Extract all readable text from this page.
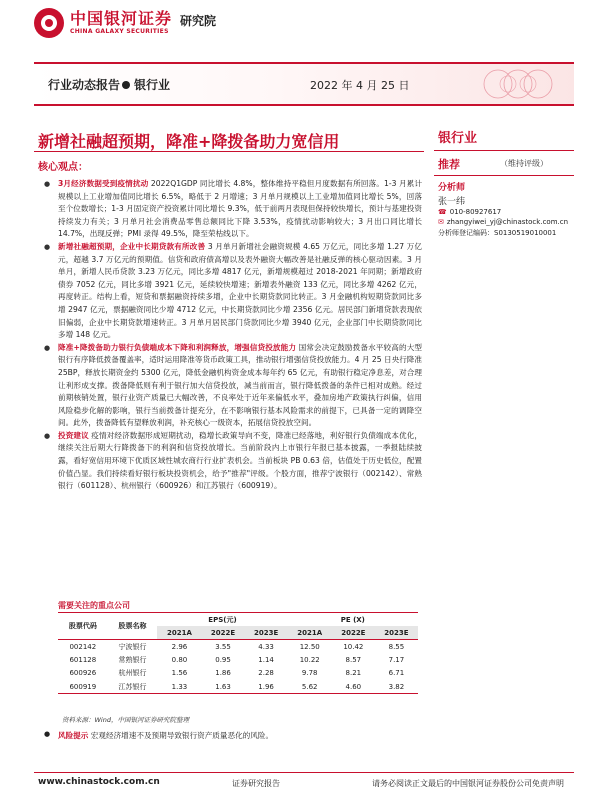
中国银河证券
CHINA GALAXY SECURITIES
研究院
行业动态报告 银行业	2022 年 4 月 25 日
新增社融超预期，降准+降拨备助力宽信用	银行业
推荐	（维持评级）
分析师
张一纬
☎ 010-80927617
✉ zhangyiwei_yj@chinastock.com.cn
分析师登记编码：S0130519010001
核心观点：
● 3月经济数据受到疫情扰动 2022Q1GDP 同比增长 4.8%，整体维持平稳但月度数据有所回落。1-3 月累计规模以上工业增加值同比增长 6.5%，略低于 2 月增速；3 月单月规模以上工业增加值同比增长 5%，回落至个位数增长；1-3 月固定资产投资累计同比增长 9.3%，低于前两月表现但保持较快增长，预计与基建投资持续发力有关；3 月单月社会消费品零售总额同比下降 3.53%，疫情扰动影响较大；3 月出口同比增长 14.7%，出现反弹；PMI 录得 49.5%，降至荣枯线以下。
● 新增社融超预期，企业中长期贷款有所改善 3 月单月新增社会融资规模 4.65 万亿元，同比多增 1.27 万亿元，超越 3.7 万亿元的预期值。信贷和政府债高增以及表外融资大幅改善是社融反弹的核心驱动因素。3 月单月，新增人民币贷款 3.23 万亿元，同比多增 4817 亿元，新增规模超过 2018-2021 年同期；新增政府债券 7052 亿元，同比多增 3921 亿元，延续较快增速；新增表外融资 133 亿元，同比多增 4262 亿元，再度转正。结构上看，短贷和票据融资持续多增，企业中长期贷款同比转正。3 月金融机构短期贷款同比多增 2947 亿元，票据融资同比少增 4712 亿元，中长期贷款同比少增 2356 亿元。居民部门新增贷款表现依旧偏弱，企业中长期贷款增速转正。3 月单月居民部门贷款同比少增 3940 亿元，企业部门中长期贷款同比多增 148 亿元。
● 降准+降拨备助力银行负债端成本下降和利润释放，增强信贷投放能力 国常会决定鼓励拨备水平较高的大型银行有序降低拨备覆盖率，适时运用降准等货币政策工具，推动银行增强信贷投放能力。4 月 25 日央行降准 25BP，释放长期资金约 5300 亿元，降低金融机构资金成本每年约 65 亿元，有助银行稳定净息差，对合理让利形成支撑。拨备降低则有利于银行加大信贷投放，减当前而言，银行降低拨备的条件已相对成熟。经过前期核销处置，银行业资产质量已大幅改善，不良率处于近年来偏低水平，叠加房地产政策执行纠偏，信用风险稳步化解的影响，银行当前拨备计提充分，在不影响银行基本风险需求的前提下，已具备一定的调降空间。此外，拨备降低有望释放利润，补充核心一级资本，拓展信贷投放空间。
● 投资建议 疫情对经济数据形成短期扰动，稳增长政策导向不变，降准已经落地，利好银行负债端成本优化，继续关注后期大行降拨备下的利润和信贷投放增长。当前阶段内上市银行年报已基本披露，一季报陆续披露，看好宽信用环境下优质区域性城农商行行业扩表机会。当前板块 PB 0.63 倍，估值处于历史低位，配置价值凸显。我们持续看好银行板块投资机会，给予"推荐"评级。个股方面，推荐宁波银行（002142）、常熟银行（601128）、杭州银行（600926）和江苏银行（600919）。
需要关注的重点公司
股票代码	股票名称	EPS(元)			PE (X)		
		2021A	2022E	2023E	2021A	2022E	2023E
002142	宁波银行	2.96	3.55	4.33	12.50	10.42	8.55
601128	常熟银行	0.80	0.95	1.14	10.22	8.57	7.17
600926	杭州银行	1.56	1.86	2.28	9.78	8.21	6.71
600919	江苏银行	1.33	1.63	1.96	5.62	4.60	3.82
资料来源：Wind，中国银河证券研究院整理
● 风险提示 宏观经济增速不及预期导致银行资产质量恶化的风险。
www.chinastock.com.cn	证券研究报告	请务必阅读正文最后的中国银河证券股份公司免责声明
